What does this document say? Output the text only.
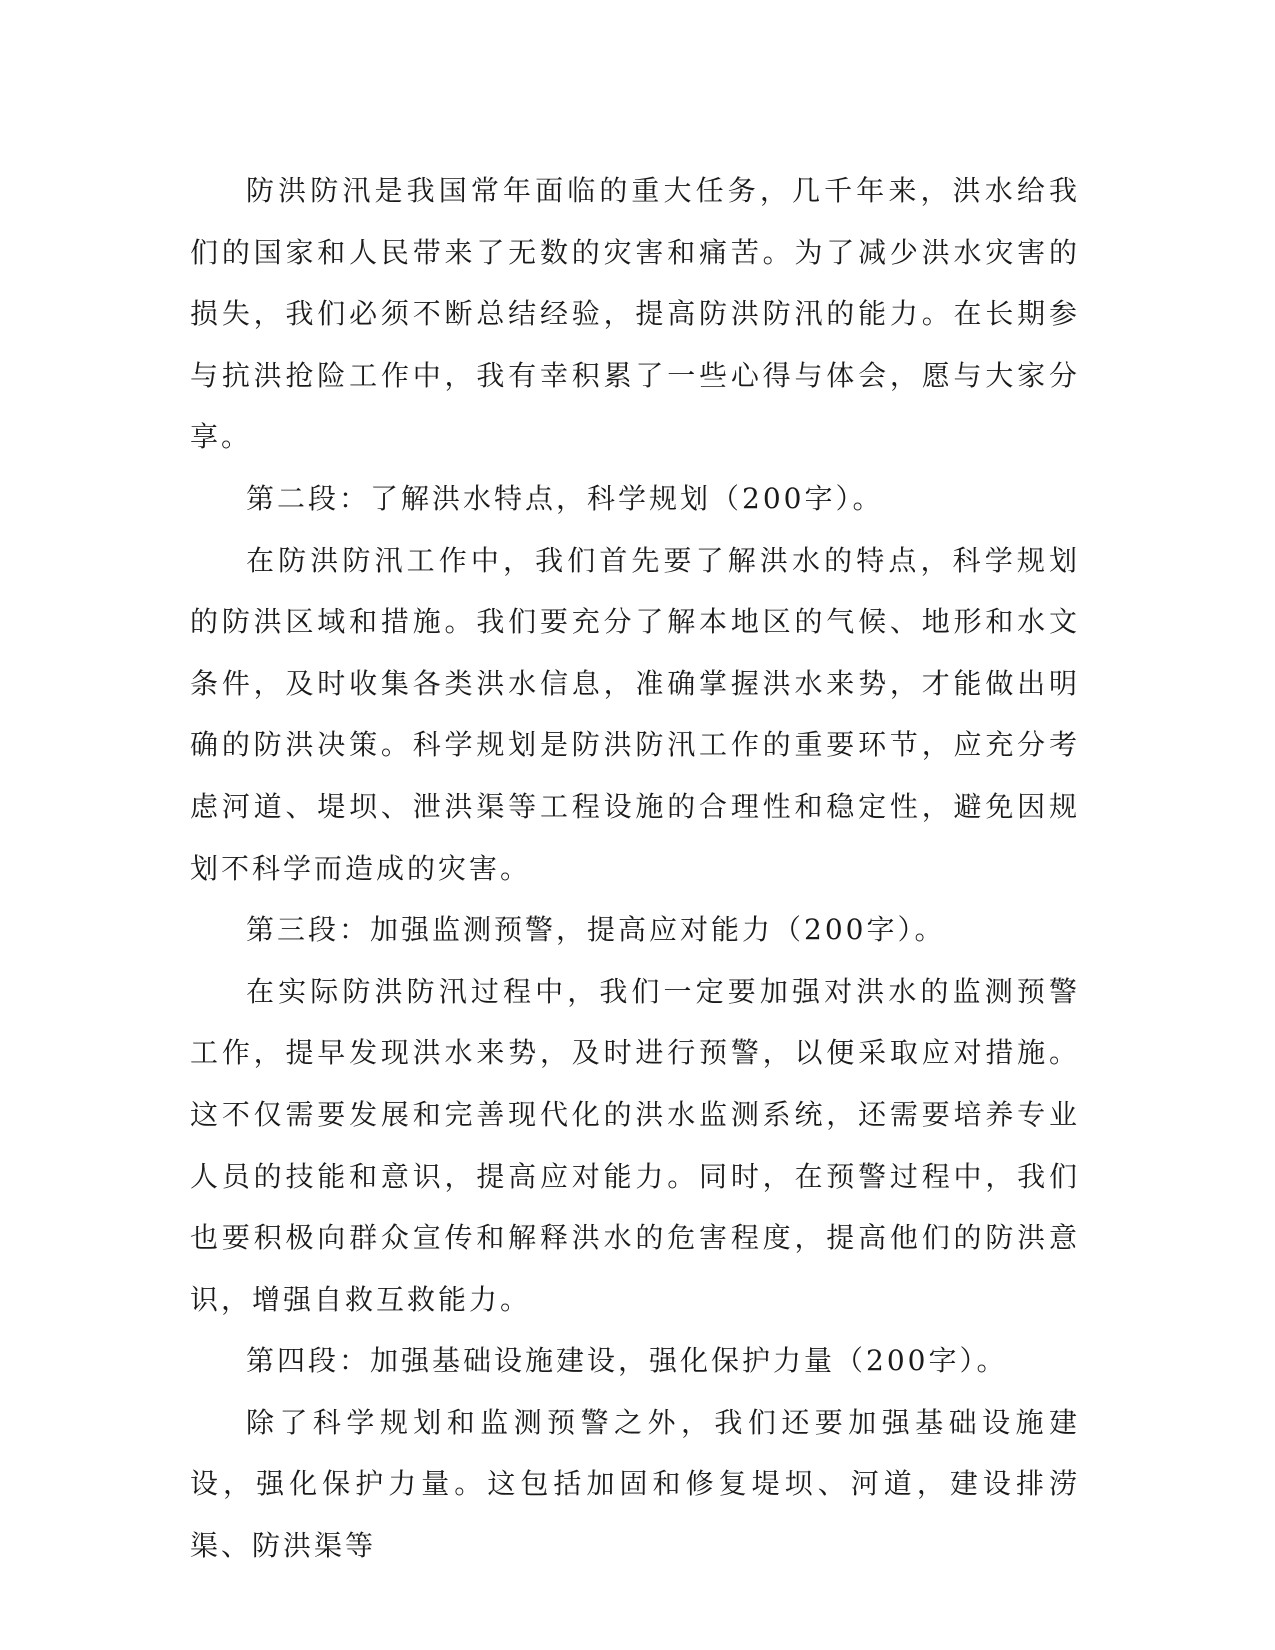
防洪防汛是我国常年面临的重大任务，几千年来，洪水给我们的国家和人民带来了无数的灾害和痛苦。为了减少洪水灾害的损失，我们必须不断总结经验，提高防洪防汛的能力。在长期参与抗洪抢险工作中，我有幸积累了一些心得与体会，愿与大家分享。

第二段：了解洪水特点，科学规划（200字）。

在防洪防汛工作中，我们首先要了解洪水的特点，科学规划的防洪区域和措施。我们要充分了解本地区的气候、地形和水文条件，及时收集各类洪水信息，准确掌握洪水来势，才能做出明确的防洪决策。科学规划是防洪防汛工作的重要环节，应充分考虑河道、堤坝、泄洪渠等工程设施的合理性和稳定性，避免因规划不科学而造成的灾害。

第三段：加强监测预警，提高应对能力（200字）。

在实际防洪防汛过程中，我们一定要加强对洪水的监测预警工作，提早发现洪水来势，及时进行预警，以便采取应对措施。这不仅需要发展和完善现代化的洪水监测系统，还需要培养专业人员的技能和意识，提高应对能力。同时，在预警过程中，我们也要积极向群众宣传和解释洪水的危害程度，提高他们的防洪意识，增强自救互救能力。

第四段：加强基础设施建设，强化保护力量（200字）。

除了科学规划和监测预警之外，我们还要加强基础设施建设，强化保护力量。这包括加固和修复堤坝、河道，建设排涝渠、防洪渠等
